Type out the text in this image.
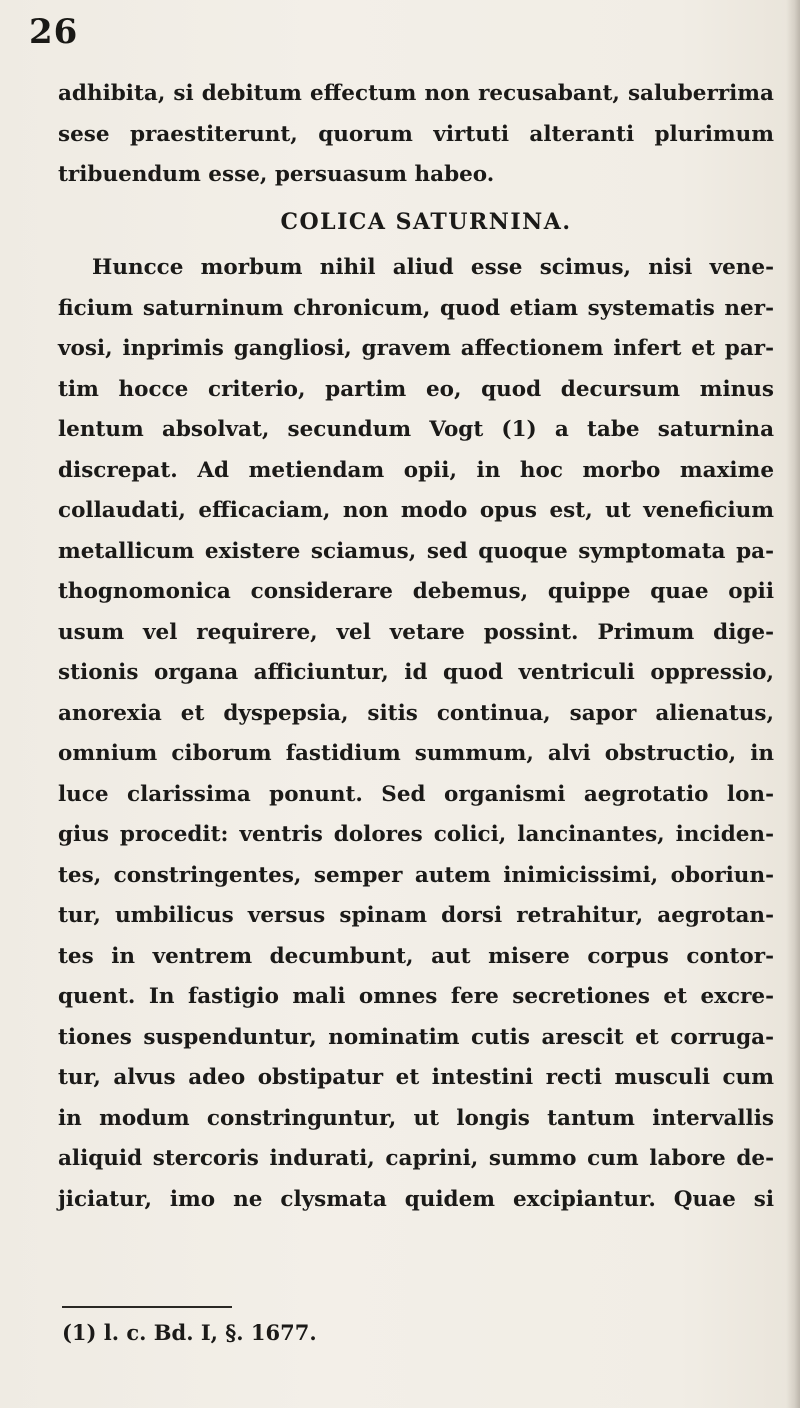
26
adhibita, si debitum effectum non recusabant, saluberrima
sese praestiterunt, quorum virtuti alteranti plurimum
tribuendum esse, persuasum habeo.
COLICA SATURNINA.
Huncce morbum nihil aliud esse scimus, nisi vene-
ficium saturninum chronicum, quod etiam systematis ner-
vosi, inprimis gangliosi, gravem affectionem infert et par-
tim hocce criterio, partim eo, quod decursum minus
lentum absolvat, secundum Vogt (1) a tabe saturnina
discrepat. Ad metiendam opii, in hoc morbo maxime
collaudati, efficaciam, non modo opus est, ut veneficium
metallicum existere sciamus, sed quoque symptomata pa-
thognomonica considerare debemus, quippe quae opii
usum vel requirere, vel vetare possint. Primum dige-
stionis organa afficiuntur, id quod ventriculi oppressio,
anorexia et dyspepsia, sitis continua, sapor alienatus,
omnium ciborum fastidium summum, alvi obstructio, in
luce clarissima ponunt. Sed organismi aegrotatio lon-
gius procedit: ventris dolores colici, lancinantes, inciden-
tes, constringentes, semper autem inimicissimi, oboriun-
tur, umbilicus versus spinam dorsi retrahitur, aegrotan-
tes in ventrem decumbunt, aut misere corpus contor-
quent. In fastigio mali omnes fere secretiones et excre-
tiones suspenduntur, nominatim cutis arescit et corruga-
tur, alvus adeo obstipatur et intestini recti musculi cum
in modum constringuntur, ut longis tantum intervallis
aliquid stercoris indurati, caprini, summo cum labore de-
jiciatur, imo ne clysmata quidem excipiantur. Quae si
(1) l. c. Bd. I, §. 1677.
